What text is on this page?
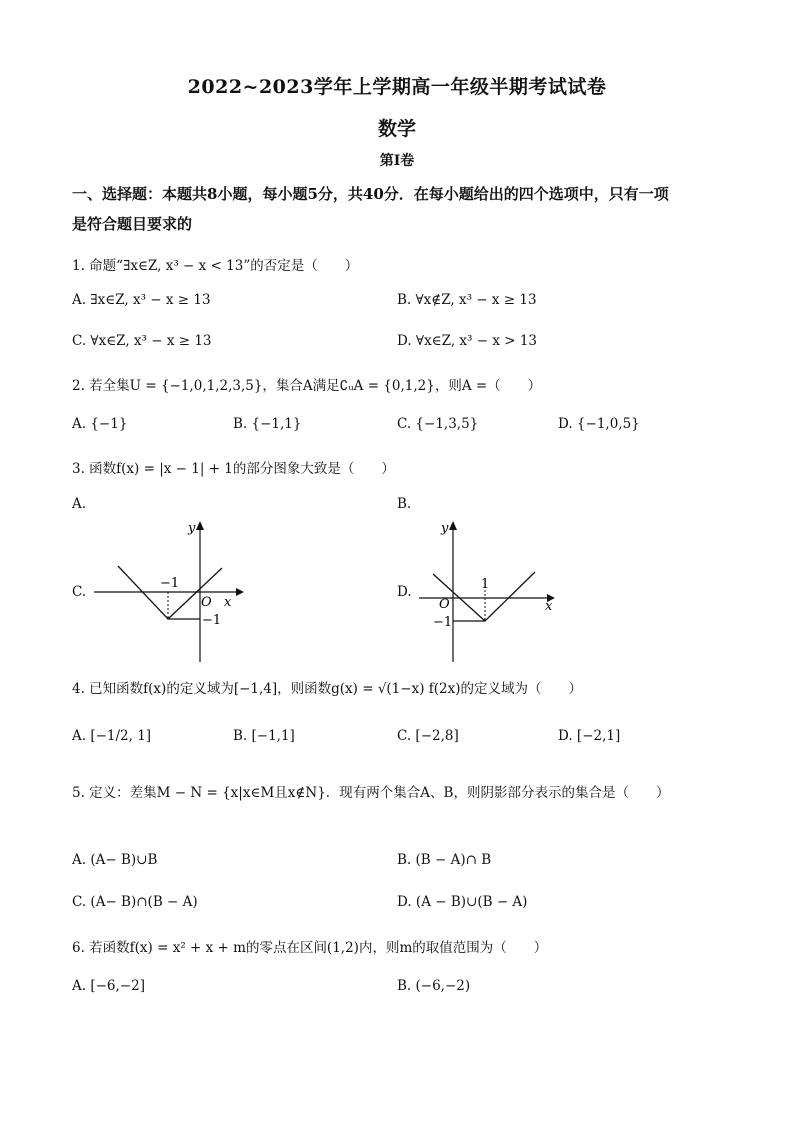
2022~2023学年上学期高一年级半期考试试卷
数学
第Ⅰ卷
一、选择题：本题共8小题，每小题5分，共40分．在每小题给出的四个选项中，只有一项
是符合题目要求的
1. 命题“∃x∈Z, x³ − x < 13”的否定是（　　）
A. ∃x∈Z, x³ − x ≥ 13	B. ∀x∉Z, x³ − x ≥ 13
C. ∀x∈Z, x³ − x ≥ 13	D. ∀x∈Z, x³ − x > 13
2. 若全集U = {−1,0,1,2,3,5}，集合A满足∁ᵤA = {0,1,2}，则A =（　　）
A. {−1}	B. {−1,1}	C. {−1,3,5}	D. {−1,0,5}
3. 函数f(x) = |x − 1| + 1的部分图象大致是（　　）
A.	B.
C.	D.
y
x
O
−1
−1
y
x
O
1
−1
4. 已知函数f(x)的定义域为[−1,4]，则函数g(x) = √(1−x) f(2x)的定义域为（　　）
A. [−1/2, 1]	B. [−1,1]	C. [−2,8]	D. [−2,1]
5. 定义：差集M − N = {x|x∈M且x∉N}．现有两个集合A、B，则阴影部分表示的集合是（　　）
A. (A− B)∪B	B. (B − A)∩ B
C. (A− B)∩(B − A)	D. (A − B)∪(B − A)
6. 若函数f(x) = x² + x + m的零点在区间(1,2)内，则m的取值范围为（　　）
A. [−6,−2]	B. (−6,−2)
